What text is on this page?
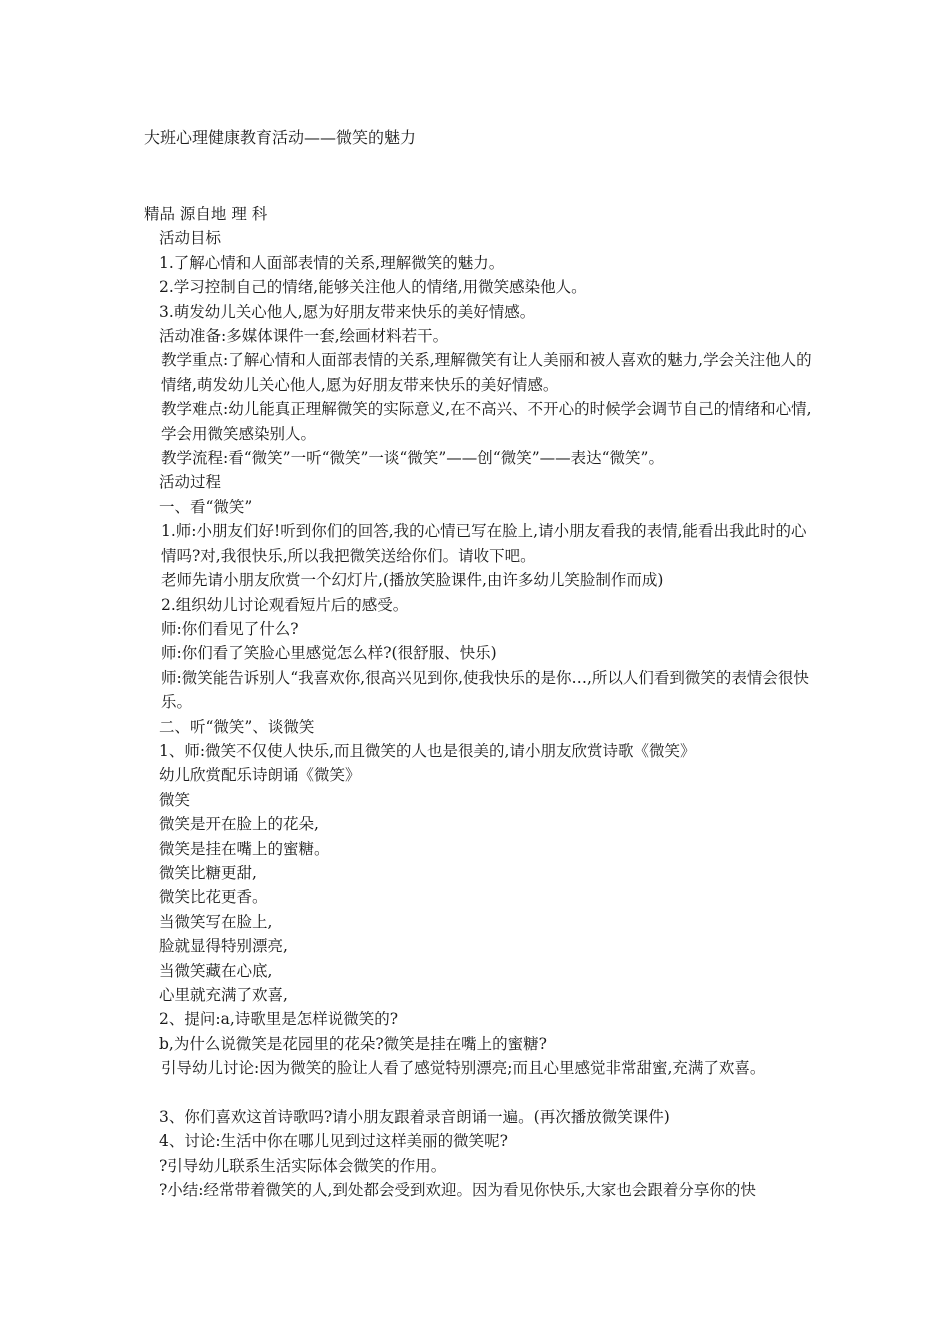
大班心理健康教育活动——微笑的魅力

精品 源自地 理 科

活动目标

1.了解心情和人面部表情的关系,理解微笑的魅力。

2.学习控制自己的情绪,能够关注他人的情绪,用微笑感染他人。

3.萌发幼儿关心他人,愿为好朋友带来快乐的美好情感。

活动准备:多媒体课件一套,绘画材料若干。

教学重点:了解心情和人面部表情的关系,理解微笑有让人美丽和被人喜欢的魅力,学会关注他人的情绪,萌发幼儿关心他人,愿为好朋友带来快乐的美好情感。

教学难点:幼儿能真正理解微笑的实际意义,在不高兴、不开心的时候学会调节自己的情绪和心情,学会用微笑感染别人。

教学流程:看“微笑”一听“微笑”一谈“微笑”——创“微笑”——表达“微笑”。

活动过程

一、看“微笑”

1.师:小朋友们好!听到你们的回答,我的心情已写在脸上,请小朋友看我的表情,能看出我此时的心情吗?对,我很快乐,所以我把微笑送给你们。请收下吧。

老师先请小朋友欣赏一个幻灯片,(播放笑脸课件,由许多幼儿笑脸制作而成)

2.组织幼儿讨论观看短片后的感受。

师:你们看见了什么?

师:你们看了笑脸心里感觉怎么样?(很舒服、快乐)

师:微笑能告诉别人“我喜欢你,很高兴见到你,使我快乐的是你…,所以人们看到微笑的表情会很快乐。

二、听“微笑”、谈微笑

1、师:微笑不仅使人快乐,而且微笑的人也是很美的,请小朋友欣赏诗歌《微笑》

幼儿欣赏配乐诗朗诵《微笑》

微笑

微笑是开在脸上的花朵,

微笑是挂在嘴上的蜜糖。

微笑比糖更甜,

微笑比花更香。

当微笑写在脸上,

脸就显得特别漂亮,

当微笑藏在心底,

心里就充满了欢喜,

2、提问:a,诗歌里是怎样说微笑的?

b,为什么说微笑是花园里的花朵?微笑是挂在嘴上的蜜糖?

引导幼儿讨论:因为微笑的脸让人看了感觉特别漂亮;而且心里感觉非常甜蜜,充满了欢喜。

3、你们喜欢这首诗歌吗?请小朋友跟着录音朗诵一遍。(再次播放微笑课件)

4、讨论:生活中你在哪儿见到过这样美丽的微笑呢?

?引导幼儿联系生活实际体会微笑的作用。

?小结:经常带着微笑的人,到处都会受到欢迎。因为看见你快乐,大家也会跟着分享你的快
